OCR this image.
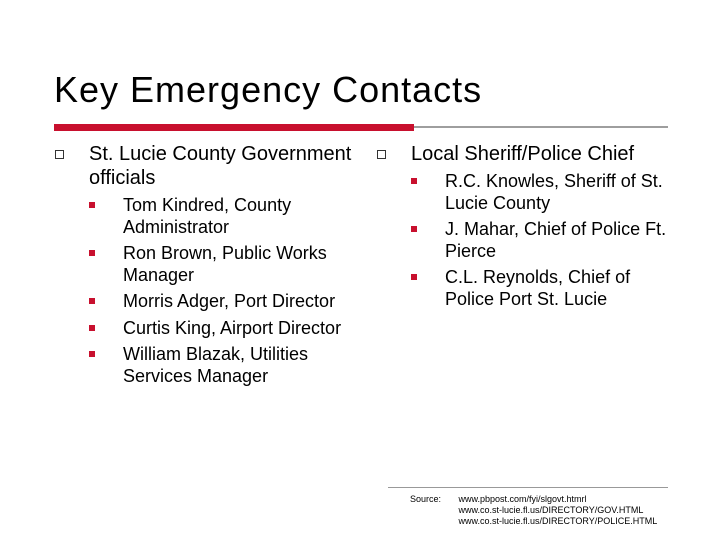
Key Emergency Contacts

St. Lucie County Government officials

Tom Kindred, County Administrator
Ron Brown, Public Works Manager
Morris Adger, Port Director
Curtis King, Airport Director
William Blazak, Utilities Services Manager

Local Sheriff/Police Chief

R.C. Knowles, Sheriff of St. Lucie County
J. Mahar, Chief of Police Ft. Pierce
C.L. Reynolds, Chief of Police Port St. Lucie
Source: www.pbpost.com/fyi/slgovt.htmrl
www.co.st-lucie.fl.us/DIRECTORY/GOV.HTML
www.co.st-lucie.fl.us/DIRECTORY/POLICE.HTML
